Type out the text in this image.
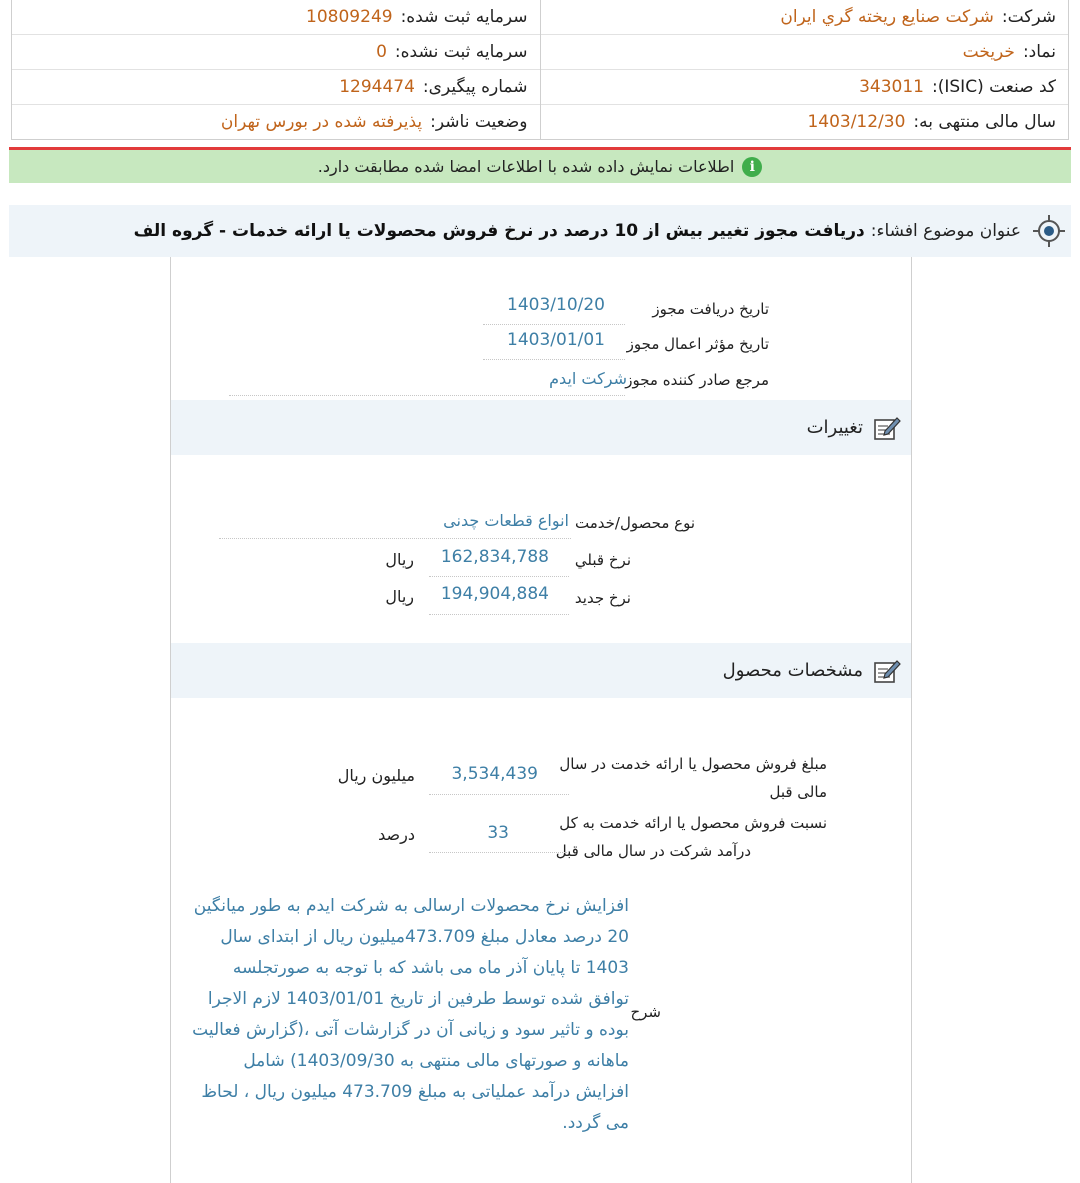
شرکت:
شرکت صنایع ریخته گري ايران
نماد:
خریخت
کد صنعت (ISIC):
343011
سال مالی منتهی به:
1403/12/30
سرمایه ثبت شده:
10809249
سرمایه ثبت نشده:
0
شماره پیگیری:
1294474
وضعیت ناشر:
پذیرفته شده در بورس تهران
i
اطلاعات نمایش داده شده با اطلاعات امضا شده مطابقت دارد.
عنوان موضوع افشاء:
دریافت مجوز تغییر بیش از 10 درصد در نرخ فروش محصولات یا ارائه خدمات - گروه الف
تاریخ دریافت مجوز
1403/10/20
تاریخ مؤثر اعمال مجوز
1403/01/01
مرجع صادر کننده مجوز
شرکت ایدم
تغییرات
نوع محصول/خدمت
انواع قطعات چدنی
نرخ قبلي
162,834,788
ريال
نرخ جدید
194,904,884
ريال
مشخصات محصول
مبلغ فروش محصول یا ارائه خدمت در سال
مالی قبل
3,534,439
میلیون ريال
نسبت فروش محصول یا ارائه خدمت به کل
درآمد شرکت در سال مالی قبل
33
درصد
شرح
افزایش نرخ محصولات ارسالی به شرکت ایدم به طور میانگین
20 درصد معادل مبلغ 473.709میلیون ریال از ابتدای سال
1403 تا پایان آذر ماه می باشد که با توجه به صورتجلسه
توافق شده توسط طرفین از تاریخ 1403/01/01 لازم الاجرا
بوده و تاثیر سود و زیانی آن در گزارشات آتی ،(گزارش فعالیت
ماهانه و صورتهای مالی منتهی به 1403/09/30) شامل
افزایش درآمد عملیاتی به مبلغ 473.709 میلیون ریال ، لحاظ
می گردد.
